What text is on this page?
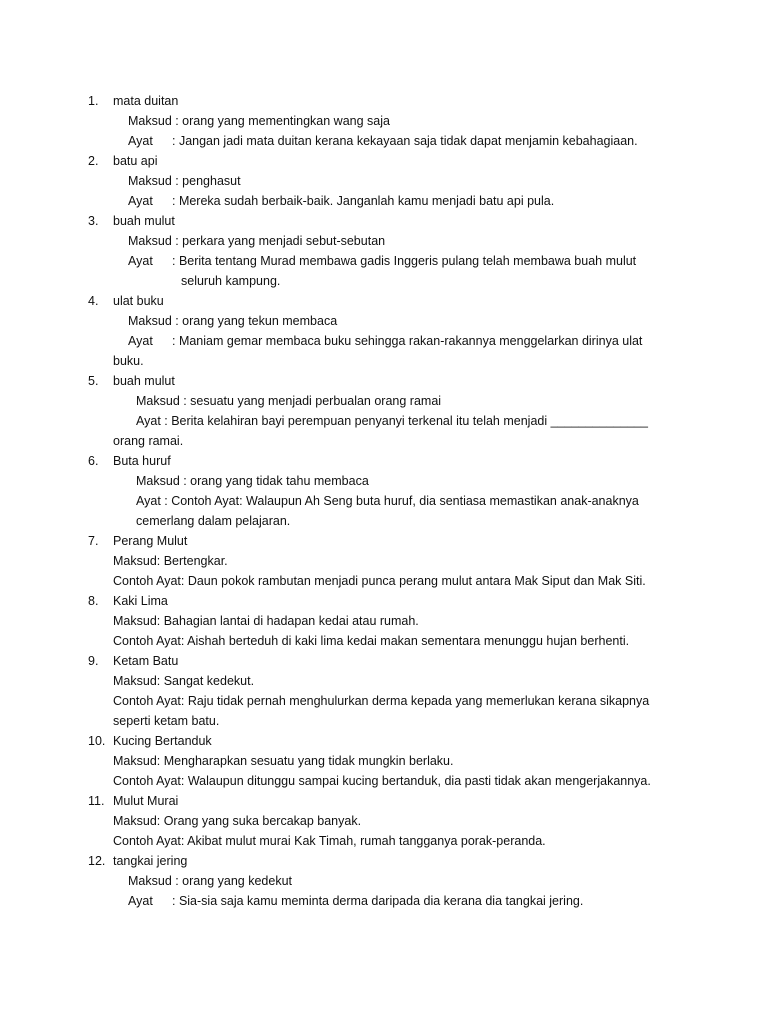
1. mata duitan
Maksud : orang yang mementingkan wang saja
Ayat : Jangan jadi mata duitan kerana kekayaan saja tidak dapat menjamin kebahagiaan.
2. batu api
Maksud : penghasut
Ayat : Mereka sudah berbaik-baik. Janganlah kamu menjadi batu api pula.
3. buah mulut
Maksud : perkara yang menjadi sebut-sebutan
Ayat : Berita tentang Murad membawa gadis Inggeris pulang telah membawa buah mulut
seluruh kampung.
4. ulat buku
Maksud : orang yang tekun membaca
Ayat : Maniam gemar membaca buku sehingga rakan-rakannya menggelarkan dirinya ulat
buku.
5. buah mulut
Maksud : sesuatu yang menjadi perbualan orang ramai
Ayat : Berita kelahiran bayi perempuan penyanyi terkenal itu telah menjadi ______________
orang ramai.
6. Buta huruf
Maksud : orang yang tidak tahu membaca
Ayat : Contoh Ayat: Walaupun Ah Seng buta huruf, dia sentiasa memastikan anak-anaknya
cemerlang dalam pelajaran.
7. Perang Mulut
Maksud: Bertengkar.
Contoh Ayat: Daun pokok rambutan menjadi punca perang mulut antara Mak Siput dan Mak Siti.
8. Kaki Lima
Maksud: Bahagian lantai di hadapan kedai atau rumah.
Contoh Ayat: Aishah berteduh di kaki lima kedai makan sementara menunggu hujan berhenti.
9. Ketam Batu
Maksud: Sangat kedekut.
Contoh Ayat: Raju tidak pernah menghulurkan derma kepada yang memerlukan kerana sikapnya
seperti ketam batu.
10. Kucing Bertanduk
Maksud: Mengharapkan sesuatu yang tidak mungkin berlaku.
Contoh Ayat: Walaupun ditunggu sampai kucing bertanduk, dia pasti tidak akan mengerjakannya.
11. Mulut Murai
Maksud: Orang yang suka bercakap banyak.
Contoh Ayat: Akibat mulut murai Kak Timah, rumah tangganya porak-peranda.
12. tangkai jering
Maksud : orang yang kedekut
Ayat : Sia-sia saja kamu meminta derma daripada dia kerana dia tangkai jering.
